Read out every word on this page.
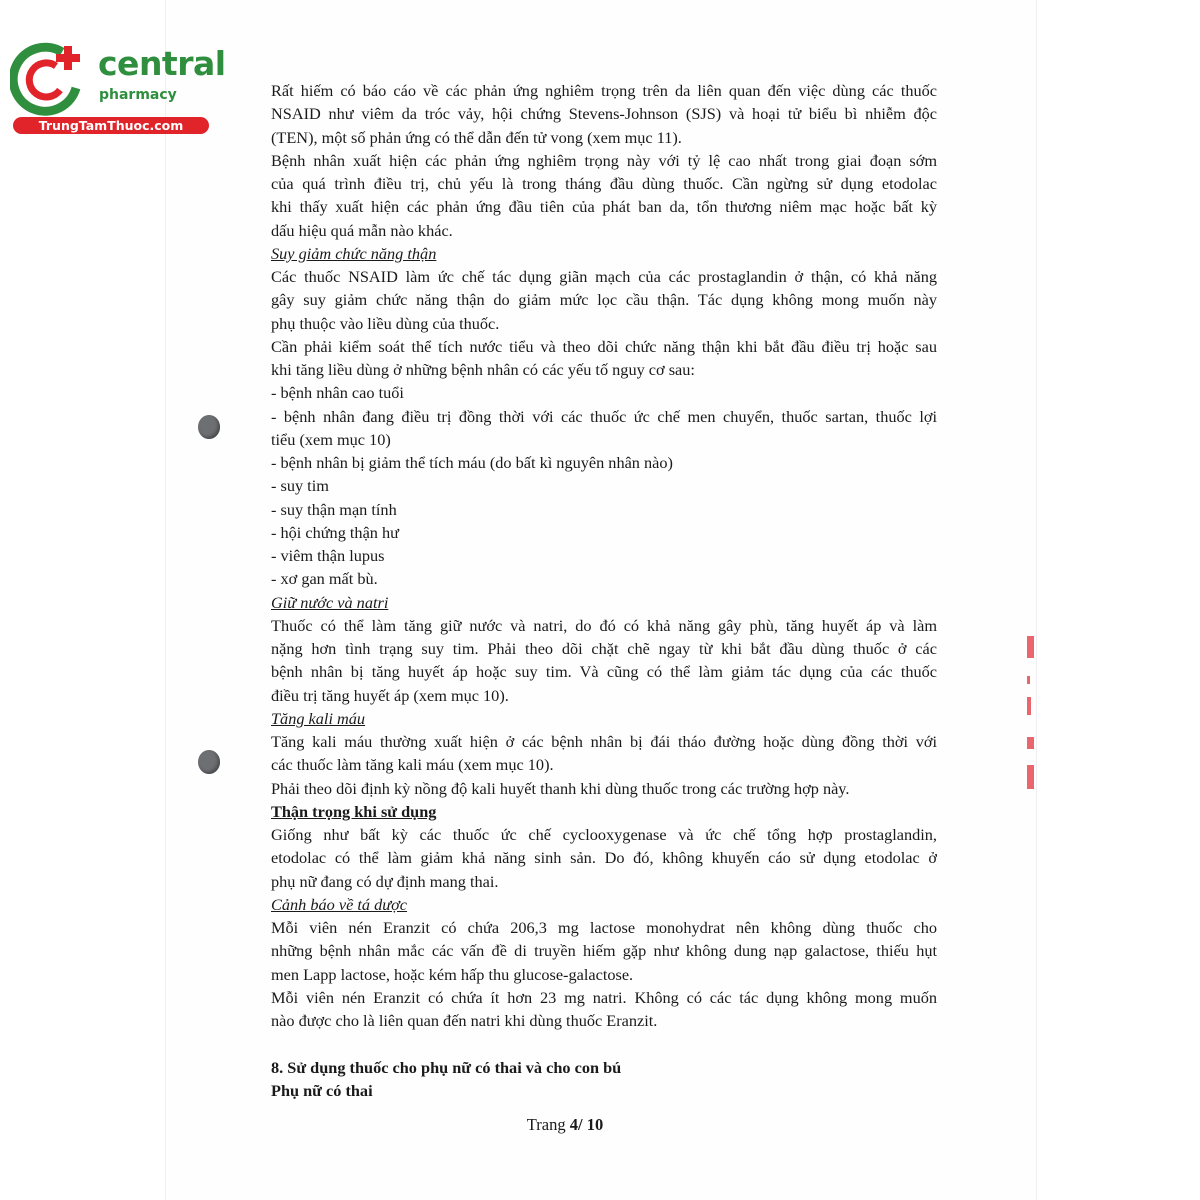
central
pharmacy
TrungTamThuoc.com
Rất hiếm có báo cáo về các phản ứng nghiêm trọng trên da liên quan đến việc dùng các thuốc
NSAID như viêm da tróc vảy, hội chứng Stevens-Johnson (SJS) và hoại tử biểu bì nhiễm độc
(TEN), một số phản ứng có thể dẫn đến tử vong (xem mục 11).
Bệnh nhân xuất hiện các phản ứng nghiêm trọng này với tỷ lệ cao nhất trong giai đoạn sớm
của quá trình điều trị, chủ yếu là trong tháng đầu dùng thuốc. Cần ngừng sử dụng etodolac
khi thấy xuất hiện các phản ứng đầu tiên của phát ban da, tổn thương niêm mạc hoặc bất kỳ
dấu hiệu quá mẫn nào khác.
Suy giảm chức năng thận
Các thuốc NSAID làm ức chế tác dụng giãn mạch của các prostaglandin ở thận, có khả năng
gây suy giảm chức năng thận do giảm mức lọc cầu thận. Tác dụng không mong muốn này
phụ thuộc vào liều dùng của thuốc.
Cần phải kiểm soát thể tích nước tiểu và theo dõi chức năng thận khi bắt đầu điều trị hoặc sau
khi tăng liều dùng ở những bệnh nhân có các yếu tố nguy cơ sau:
- bệnh nhân cao tuổi
- bệnh nhân đang điều trị đồng thời với các thuốc ức chế men chuyển, thuốc sartan, thuốc lợi
tiểu (xem mục 10)
- bệnh nhân bị giảm thể tích máu (do bất kì nguyên nhân nào)
- suy tim
- suy thận mạn tính
- hội chứng thận hư
- viêm thận lupus
- xơ gan mất bù.
Giữ nước và natri
Thuốc có thể làm tăng giữ nước và natri, do đó có khả năng gây phù, tăng huyết áp và làm
nặng hơn tình trạng suy tim. Phải theo dõi chặt chẽ ngay từ khi bắt đầu dùng thuốc ở các
bệnh nhân bị tăng huyết áp hoặc suy tim. Và cũng có thể làm giảm tác dụng của các thuốc
điều trị tăng huyết áp (xem mục 10).
Tăng kali máu
Tăng kali máu thường xuất hiện ở các bệnh nhân bị đái tháo đường hoặc dùng đồng thời với
các thuốc làm tăng kali máu (xem mục 10).
Phải theo dõi định kỳ nồng độ kali huyết thanh khi dùng thuốc trong các trường hợp này.
Thận trọng khi sử dụng
Giống như bất kỳ các thuốc ức chế cyclooxygenase và ức chế tổng hợp prostaglandin,
etodolac có thể làm giảm khả năng sinh sản. Do đó, không khuyến cáo sử dụng etodolac ở
phụ nữ đang có dự định mang thai.
Cảnh báo về tá dược
Mỗi viên nén Eranzit có chứa 206,3 mg lactose monohydrat nên không dùng thuốc cho
những bệnh nhân mắc các vấn đề di truyền hiếm gặp như không dung nạp galactose, thiếu hụt
men Lapp lactose, hoặc kém hấp thu glucose-galactose.
Mỗi viên nén Eranzit có chứa ít hơn 23 mg natri. Không có các tác dụng không mong muốn
nào được cho là liên quan đến natri khi dùng thuốc Eranzit.
8. Sử dụng thuốc cho phụ nữ có thai và cho con bú
Phụ nữ có thai
Trang 4/ 10
